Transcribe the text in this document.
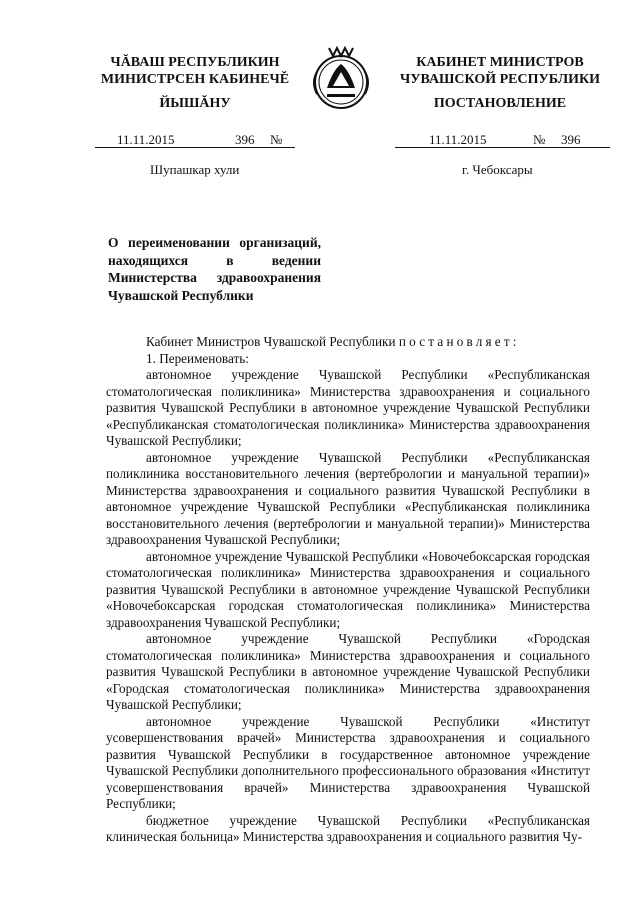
ЧĂВАШ РЕСПУБЛИКИН
МИНИСТРСЕН КАБИНЕЧĚ
ЙЫШĂНУ
КАБИНЕТ МИНИСТРОВ
ЧУВАШСКОЙ РЕСПУБЛИКИ
ПОСТАНОВЛЕНИЕ
11.11.2015	396 №	11.11.2015	№ 396
Шупашкар хули	г. Чебоксары
О переименовании организаций, находящихся в ведении Министерства здравоохранения Чувашской Республики

Кабинет Министров Чувашской Республики постановляет:

1. Переименовать:

автономное учреждение Чувашской Республики «Республиканская стоматологическая поликлиника» Министерства здравоохранения и социального развития Чувашской Республики в автономное учреждение Чувашской Республики «Республиканская стоматологическая поликлиника» Министерства здравоохранения Чувашской Республики;

автономное учреждение Чувашской Республики «Республиканская поликлиника восстановительного лечения (вертебрологии и мануальной терапии)» Министерства здравоохранения и социального развития Чувашской Республики в автономное учреждение Чувашской Республики «Республиканская поликлиника восстановительного лечения (вертебрологии и мануальной терапии)» Министерства здравоохранения Чувашской Республики;

автономное учреждение Чувашской Республики «Новочебоксарская городская стоматологическая поликлиника» Министерства здравоохранения и социального развития Чувашской Республики в автономное учреждение Чувашской Республики «Новочебоксарская городская стоматологическая поликлиника» Министерства здравоохранения Чувашской Республики;

автономное учреждение Чувашской Республики «Городская стоматологическая поликлиника» Министерства здравоохранения и социального развития Чувашской Республики в автономное учреждение Чувашской Республики «Городская стоматологическая поликлиника» Министерства здравоохранения Чувашской Республики;

автономное учреждение Чувашской Республики «Институт усовершенствования врачей» Министерства здравоохранения и социального развития Чувашской Республики в государственное автономное учреждение Чувашской Республики дополнительного профессионального образования «Институт усовершенствования врачей» Министерства здравоохранения Чувашской Республики;

бюджетное учреждение Чувашской Республики «Республиканская клиническая больница» Министерства здравоохранения и социального развития Чу-
